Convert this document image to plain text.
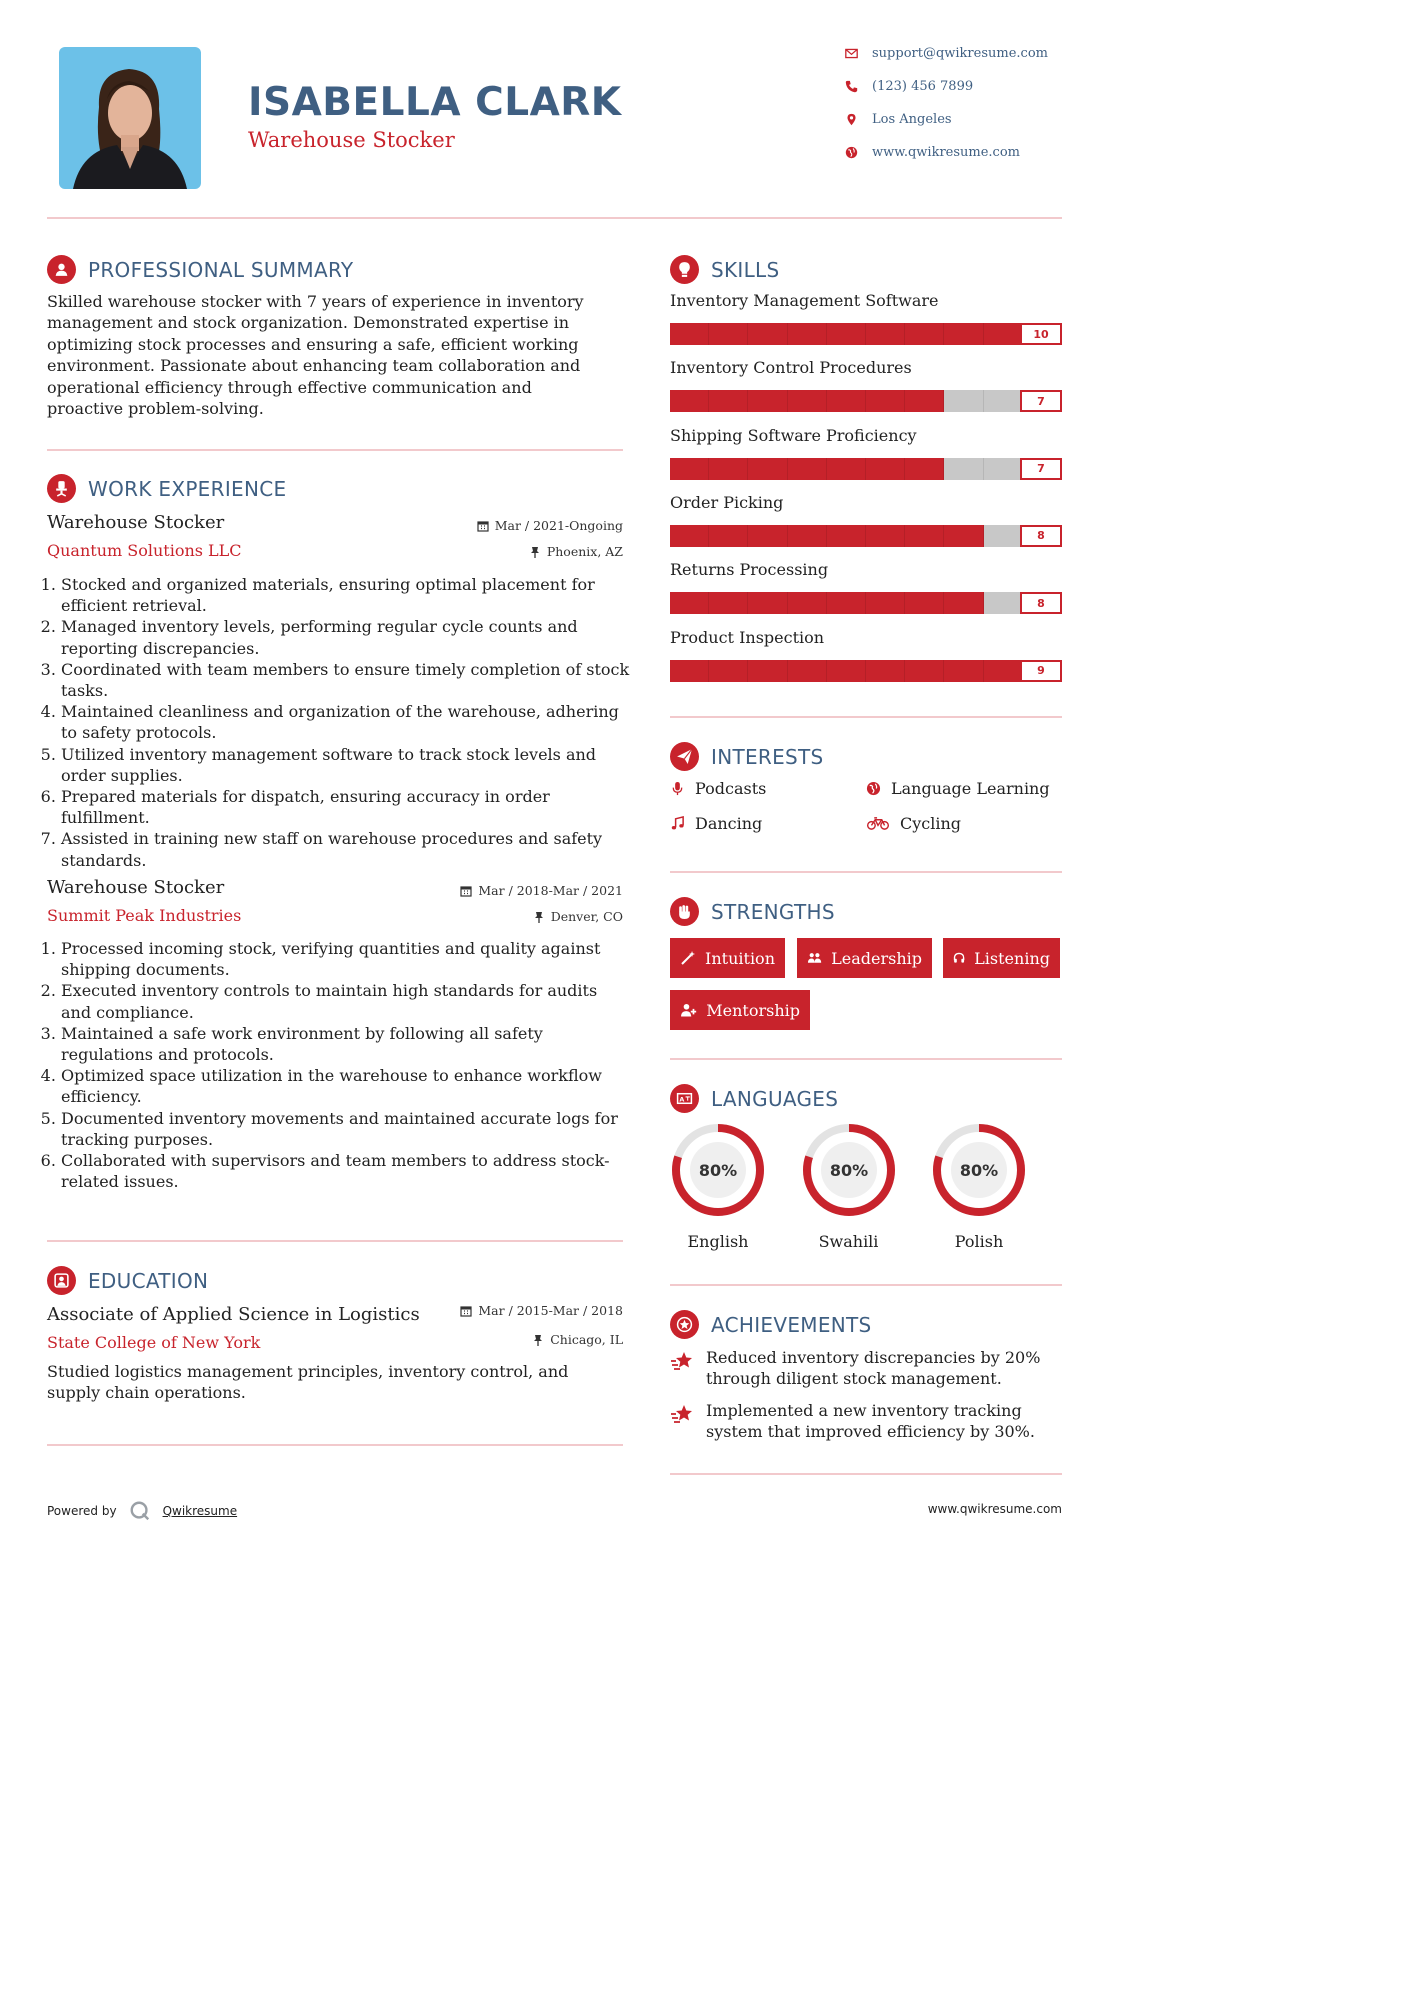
ISABELLA CLARK
Warehouse Stocker
support@qwikresume.com
(123) 456 7899
Los Angeles
www.qwikresume.com
PROFESSIONAL SUMMARY
Skilled warehouse stocker with 7 years of experience in inventory management and stock organization. Demonstrated expertise in optimizing stock processes and ensuring a safe, efficient working environment. Passionate about enhancing team collaboration and operational efficiency through effective communication and proactive problem-solving.
WORK EXPERIENCE
Warehouse Stocker
Quantum Solutions LLC
Mar / 2021-Ongoing
Phoenix, AZ
1. Stocked and organized materials, ensuring optimal placement for efficient retrieval.
2. Managed inventory levels, performing regular cycle counts and reporting discrepancies.
3. Coordinated with team members to ensure timely completion of stock tasks.
4. Maintained cleanliness and organization of the warehouse, adhering to safety protocols.
5. Utilized inventory management software to track stock levels and order supplies.
6. Prepared materials for dispatch, ensuring accuracy in order fulfillment.
7. Assisted in training new staff on warehouse procedures and safety standards.
Warehouse Stocker
Summit Peak Industries
Mar / 2018-Mar / 2021
Denver, CO
1. Processed incoming stock, verifying quantities and quality against shipping documents.
2. Executed inventory controls to maintain high standards for audits and compliance.
3. Maintained a safe work environment by following all safety regulations and protocols.
4. Optimized space utilization in the warehouse to enhance workflow efficiency.
5. Documented inventory movements and maintained accurate logs for tracking purposes.
6. Collaborated with supervisors and team members to address stock-related issues.
EDUCATION
Associate of Applied Science in Logistics
State College of New York
Mar / 2015-Mar / 2018
Chicago, IL
Studied logistics management principles, inventory control, and supply chain operations.
SKILLS
Inventory Management Software
10
Inventory Control Procedures
7
Shipping Software Proficiency
7
Order Picking
8
Returns Processing
8
Product Inspection
9
INTERESTS
Podcasts	Language Learning
Dancing	Cycling
STRENGTHS
Intuition	Leadership	Listening
Mentorship
A LANGUAGES
80%
English
80%
Swahili
80%
Polish
ACHIEVEMENTS
Reduced inventory discrepancies by 20% through diligent stock management.
Implemented a new inventory tracking system that improved efficiency by 30%.
Powered by	Qwikresume	www.qwikresume.com
